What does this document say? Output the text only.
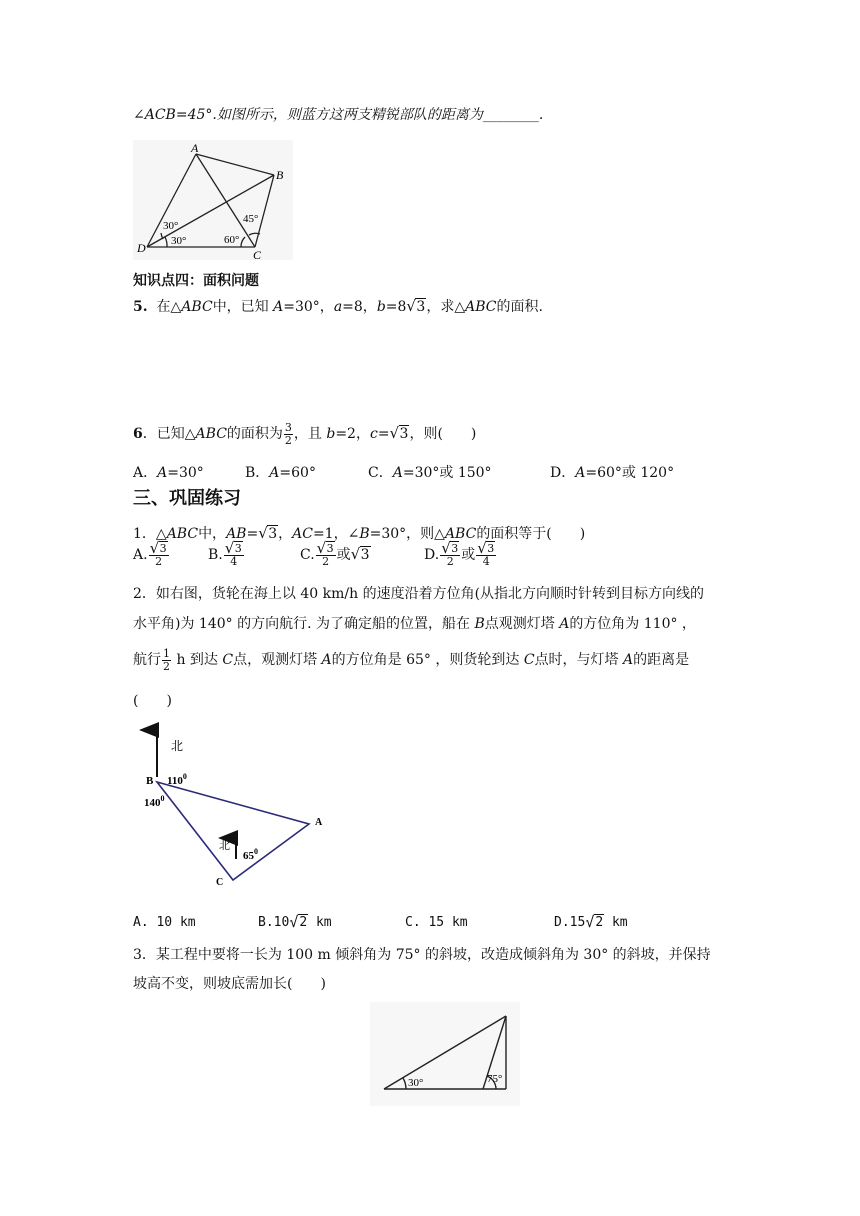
∠ACB=45°.如图所示，则蓝方这两支精锐部队的距离为________.
A
B
C
D
30°
30°	60°
45°
知识点四：面积问题
5. 在△ABC中，已知 A=30°，a=8，b=8 √ 3，求△ABC的面积.
6．已知△ABC的面积为 $\frac{3}{2}$ ，且 b=2，c= √ 3，则(　　)
A．A=30°	B．A=60°	C．A=30°或 150°	D．A=60°或 120°
三、巩固练习
1．△ABC中，AB= √ 3，AC=1，∠B=30°，则△ABC的面积等于(　　)
A. $\frac{√ 3}{2}$	B. $\frac{√ 3}{4}$	C. $\frac{√ 3}{2}$ 或 √ 3	D. $\frac{√ 3}{2}$ 或 $\frac{√ 3}{4}$
2．如右图，货轮在海上以 40 km/h 的速度沿着方位角(从指北方向顺时针转到目标方向线的
水平角)为 140° 的方向航行. 为了确定船的位置，船在 B点观测灯塔 A的方位角为 110° ，
航行 $\frac{1}{2}$ h 到达 C点，观测灯塔 A的方位角是 65° ，则货轮到达 C点时，与灯塔 A的距离是
(　　)
北
北
B
A
C
$110^0$
$140^0$
$65^0$
A. 10 km	B.10 √ 2 km	C. 15 km	D.15 √ 2 km
3．某工程中要将一长为 100 m 倾斜角为 75° 的斜坡，改造成倾斜角为 30° 的斜坡，并保持
坡高不变，则坡底需加长(　　)
30°	75°
